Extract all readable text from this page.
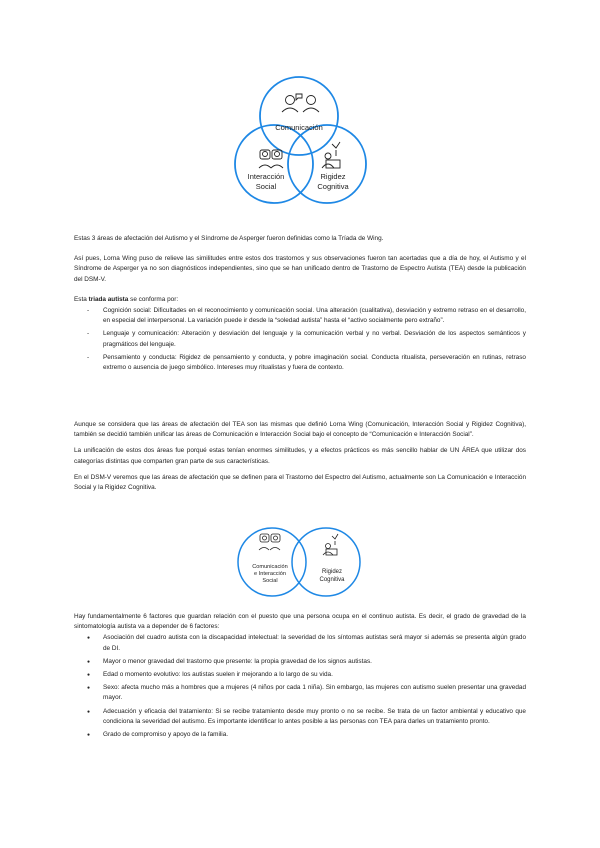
Comunicación
Interacción
Social
Rigidez
Cognitiva

Estas 3 áreas de afectación del Autismo y el Síndrome de Asperger fueron definidas como la Tríada de Wing.

Así pues, Lorna Wing puso de relieve las similitudes entre estos dos trastornos y sus observaciones fueron tan acertadas que a día de hoy, el Autismo y el Síndrome de Asperger ya no son diagnósticos independientes, sino que se han unificado dentro de Trastorno de Espectro Autista (TEA) desde la publicación del DSM-V.

Esta triada autista se conforma por:

- Cognición social: Dificultades en el reconocimiento y comunicación social. Una alteración (cualitativa), desviación y extremo retraso en el desarrollo, en especial del interpersonal. La variación puede ir desde la “soledad autista” hasta el “activo socialmente pero extraño”.
- Lenguaje y comunicación: Alteración y desviación del lenguaje y la comunicación verbal y no verbal. Desviación de los aspectos semánticos y pragmáticos del lenguaje.
- Pensamiento y conducta: Rigidez de pensamiento y conducta, y pobre imaginación social. Conducta ritualista, perseveración en rutinas, retraso extremo o ausencia de juego simbólico. Intereses muy ritualistas y fuera de contexto.

Aunque se considera que las áreas de afectación del TEA son las mismas que definió Lorna Wing (Comunicación, Interacción Social y Rigidez Cognitiva), también se decidió también unificar las áreas de Comunicación e Interacción Social bajo el concepto de “Comunicación e Interacción Social”.

La unificación de estos dos áreas fue porqué estas tenían enormes similitudes, y a efectos prácticos es más sencillo hablar de UN ÁREA que utilizar dos categorías distintas que comparten gran parte de sus características.

En el DSM-V veremos que las áreas de afectación que se definen para el Trastorno del Espectro del Autismo, actualmente son La Comunicación e Interacción Social y la Rigidez Cognitiva.

Comunicación
e Interacción
Social
Rigidez
Cognitiva

Hay fundamentalmente 6 factores que guardan relación con el puesto que una persona ocupa en el continuo autista. Es decir, el grado de gravedad de la sintomatología autista va a depender de 6 factores:

● Asociación del cuadro autista con la discapacidad intelectual: la severidad de los síntomas autistas será mayor si además se presenta algún grado de DI.
● Mayor o menor gravedad del trastorno que presente: la propia gravedad de los signos autistas.
● Edad o momento evolutivo: los autistas suelen ir mejorando a lo largo de su vida.
● Sexo: afecta mucho más a hombres que a mujeres (4 niños por cada 1 niña). Sin embargo, las mujeres con autismo suelen presentar una gravedad mayor.
● Adecuación y eficacia del tratamiento: Si se recibe tratamiento desde muy pronto o no se recibe. Se trata de un factor ambiental y educativo que condiciona la severidad del autismo. Es importante identificar lo antes posible a las personas con TEA para darles un tratamiento pronto.
● Grado de compromiso y apoyo de la familia.
